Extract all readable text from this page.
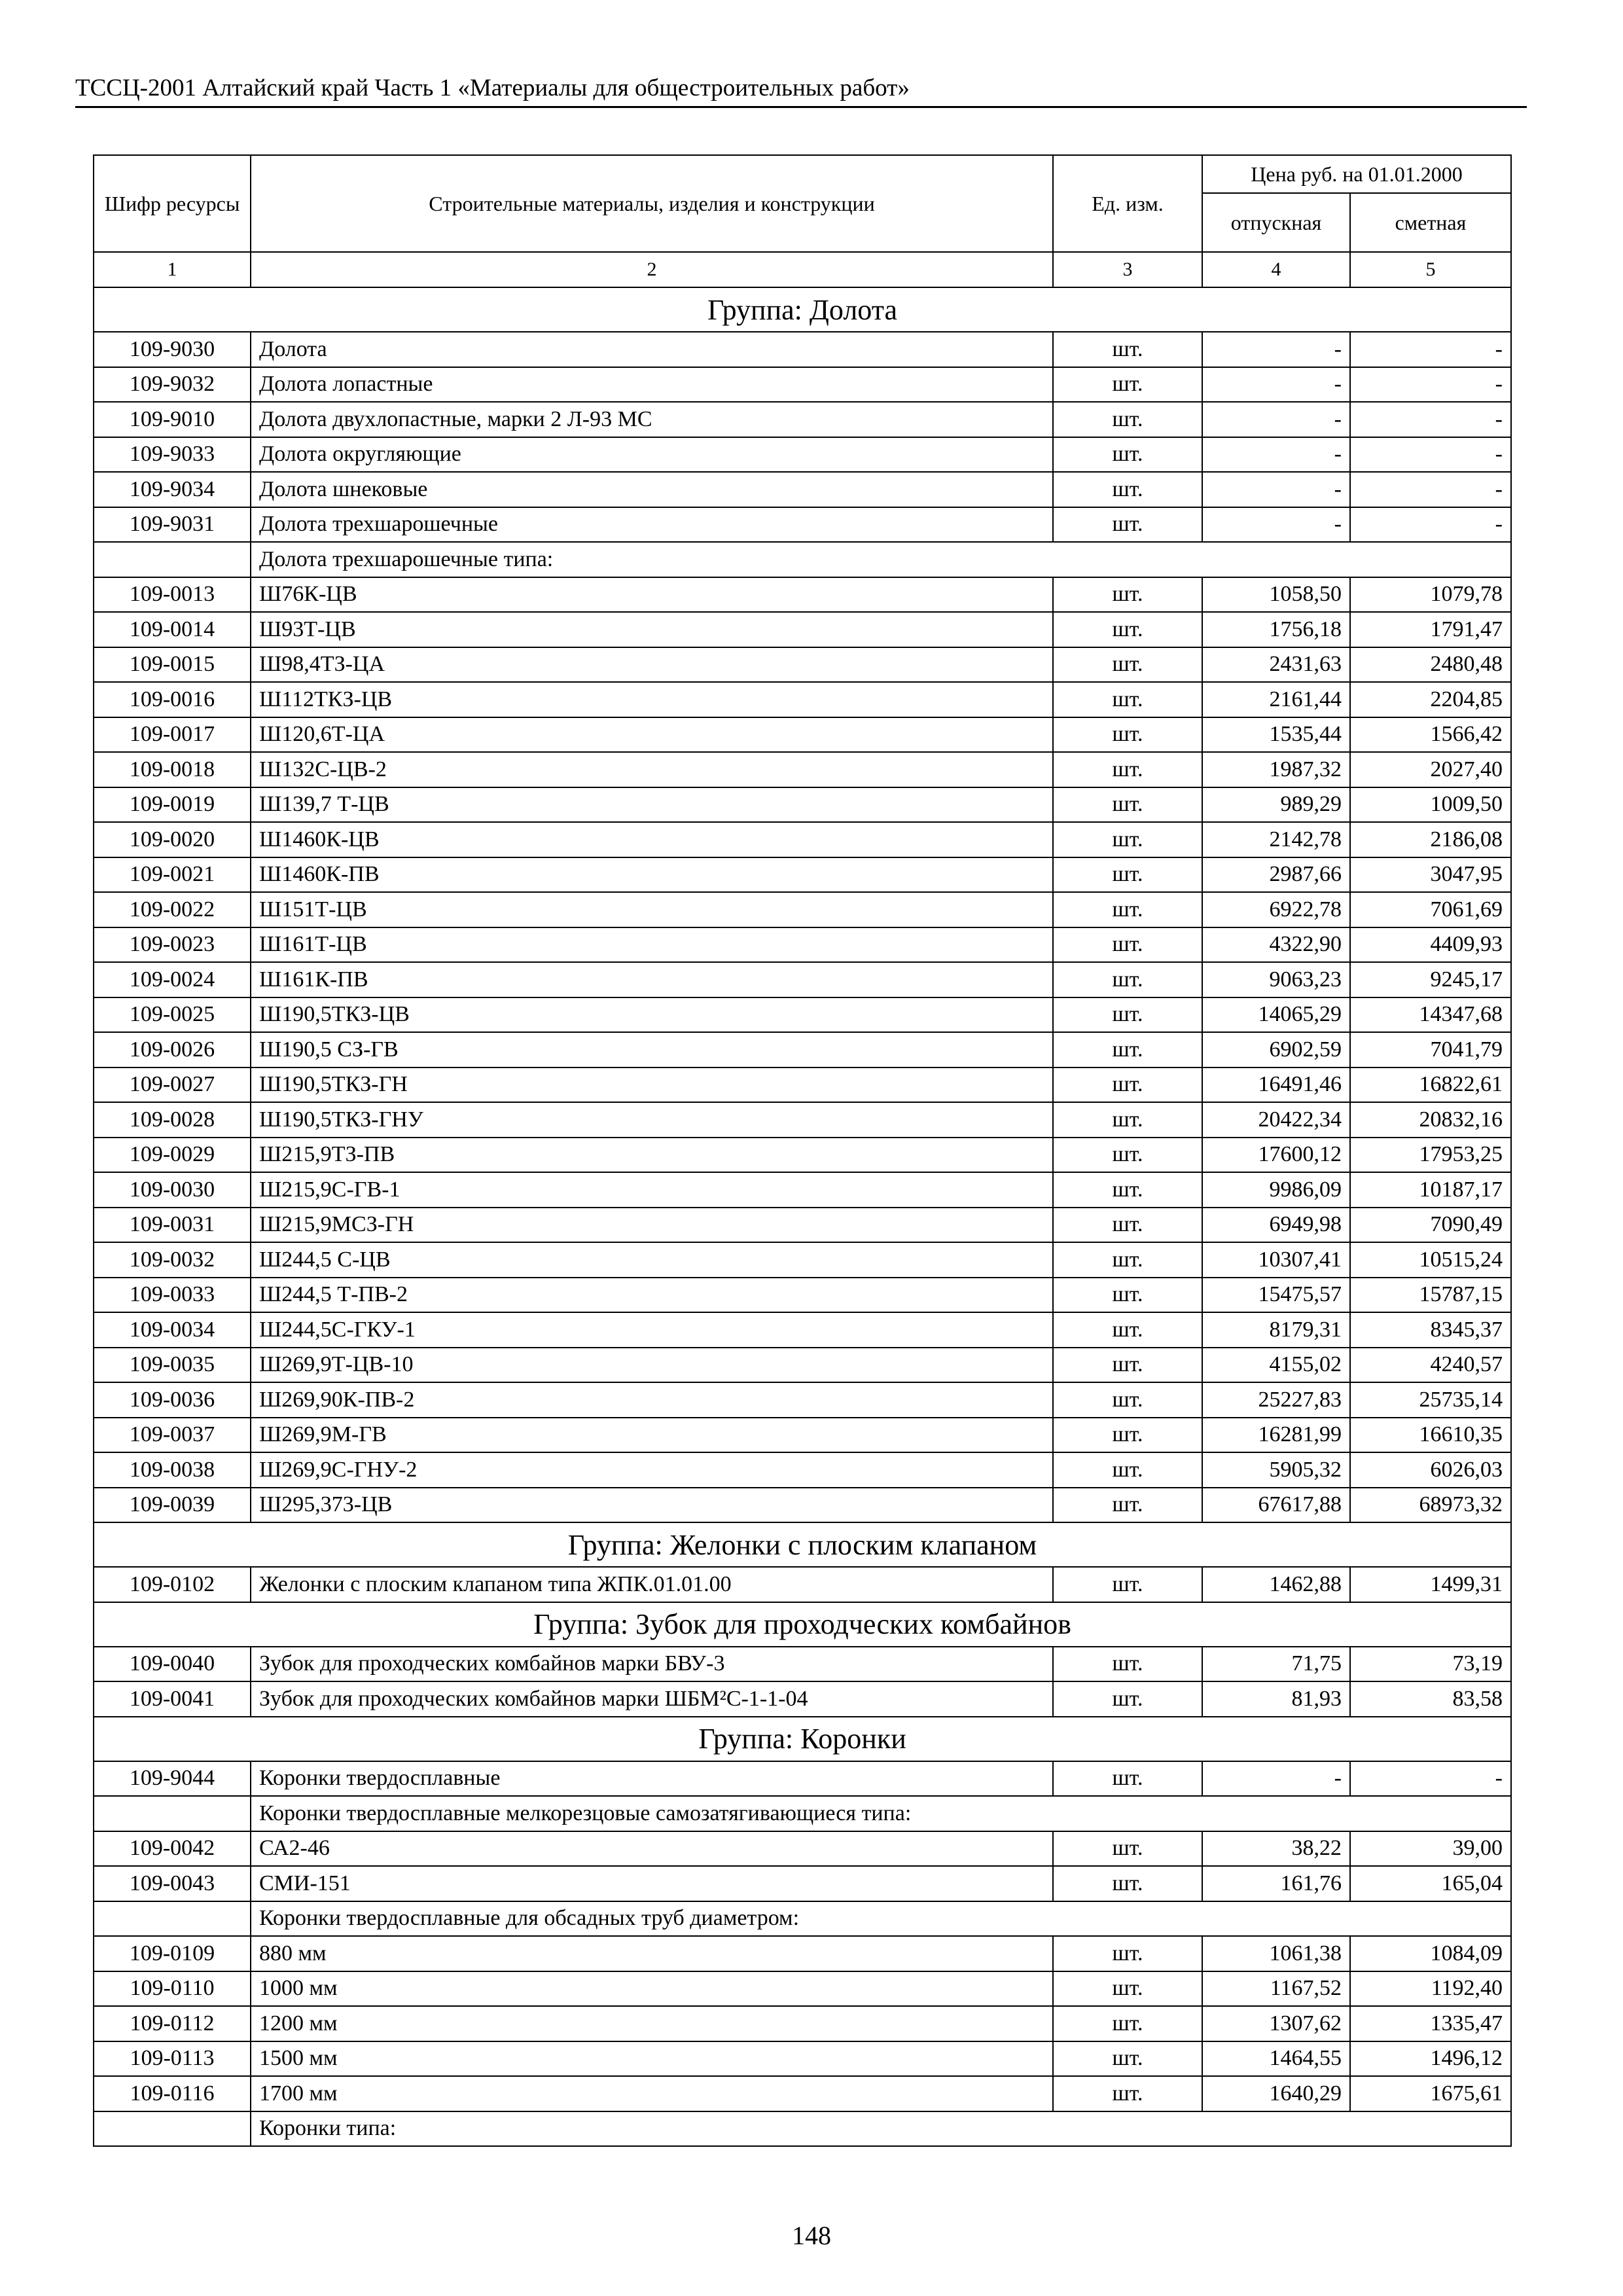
ТССЦ-2001 Алтайский край Часть 1 «Материалы для общестроительных работ»
Шифр ресурсы	Строительные материалы, изделия и конструкции	Ед. изм.	Цена руб. на 01.01.2000	
			отпускная	сметная
1	2	3	4	5
Группа: Долота				
109-9030	Долота	шт.	-	-
109-9032	Долота лопастные	шт.	-	-
109-9010	Долота двухлопастные, марки 2 Л-93 МС	шт.	-	-
109-9033	Долота округляющие	шт.	-	-
109-9034	Долота шнековые	шт.	-	-
109-9031	Долота трехшарошечные	шт.	-	-
	Долота трехшарошечные типа:			
109-0013	Ш76К-ЦВ	шт.	1058,50	1079,78
109-0014	Ш93Т-ЦВ	шт.	1756,18	1791,47
109-0015	Ш98,4ТЗ-ЦА	шт.	2431,63	2480,48
109-0016	Ш112ТКЗ-ЦВ	шт.	2161,44	2204,85
109-0017	Ш120,6Т-ЦА	шт.	1535,44	1566,42
109-0018	Ш132С-ЦВ-2	шт.	1987,32	2027,40
109-0019	Ш139,7 Т-ЦВ	шт.	989,29	1009,50
109-0020	Ш1460К-ЦВ	шт.	2142,78	2186,08
109-0021	Ш1460К-ПВ	шт.	2987,66	3047,95
109-0022	Ш151Т-ЦВ	шт.	6922,78	7061,69
109-0023	Ш161Т-ЦВ	шт.	4322,90	4409,93
109-0024	Ш161К-ПВ	шт.	9063,23	9245,17
109-0025	Ш190,5ТКЗ-ЦВ	шт.	14065,29	14347,68
109-0026	Ш190,5 СЗ-ГВ	шт.	6902,59	7041,79
109-0027	Ш190,5ТКЗ-ГН	шт.	16491,46	16822,61
109-0028	Ш190,5ТКЗ-ГНУ	шт.	20422,34	20832,16
109-0029	Ш215,9ТЗ-ПВ	шт.	17600,12	17953,25
109-0030	Ш215,9С-ГВ-1	шт.	9986,09	10187,17
109-0031	Ш215,9МСЗ-ГН	шт.	6949,98	7090,49
109-0032	Ш244,5 С-ЦВ	шт.	10307,41	10515,24
109-0033	Ш244,5 Т-ПВ-2	шт.	15475,57	15787,15
109-0034	Ш244,5С-ГКУ-1	шт.	8179,31	8345,37
109-0035	Ш269,9Т-ЦВ-10	шт.	4155,02	4240,57
109-0036	Ш269,90К-ПВ-2	шт.	25227,83	25735,14
109-0037	Ш269,9М-ГВ	шт.	16281,99	16610,35
109-0038	Ш269,9С-ГНУ-2	шт.	5905,32	6026,03
109-0039	Ш295,373-ЦВ	шт.	67617,88	68973,32
Группа: Желонки с плоским клапаном				
109-0102	Желонки с плоским клапаном типа ЖПК.01.01.00	шт.	1462,88	1499,31
Группа: Зубок для проходческих комбайнов				
109-0040	Зубок для проходческих комбайнов марки БВУ-3	шт.	71,75	73,19
109-0041	Зубок для проходческих комбайнов марки ШБМ²С-1-1-04	шт.	81,93	83,58
Группа: Коронки				
109-9044	Коронки твердосплавные	шт.	-	-
	Коронки твердосплавные мелкорезцовые самозатягивающиеся типа:			
109-0042	СА2-46	шт.	38,22	39,00
109-0043	СМИ-151	шт.	161,76	165,04
	Коронки твердосплавные для обсадных труб диаметром:			
109-0109	880 мм	шт.	1061,38	1084,09
109-0110	1000 мм	шт.	1167,52	1192,40
109-0112	1200 мм	шт.	1307,62	1335,47
109-0113	1500 мм	шт.	1464,55	1496,12
109-0116	1700 мм	шт.	1640,29	1675,61
	Коронки типа:			
148
